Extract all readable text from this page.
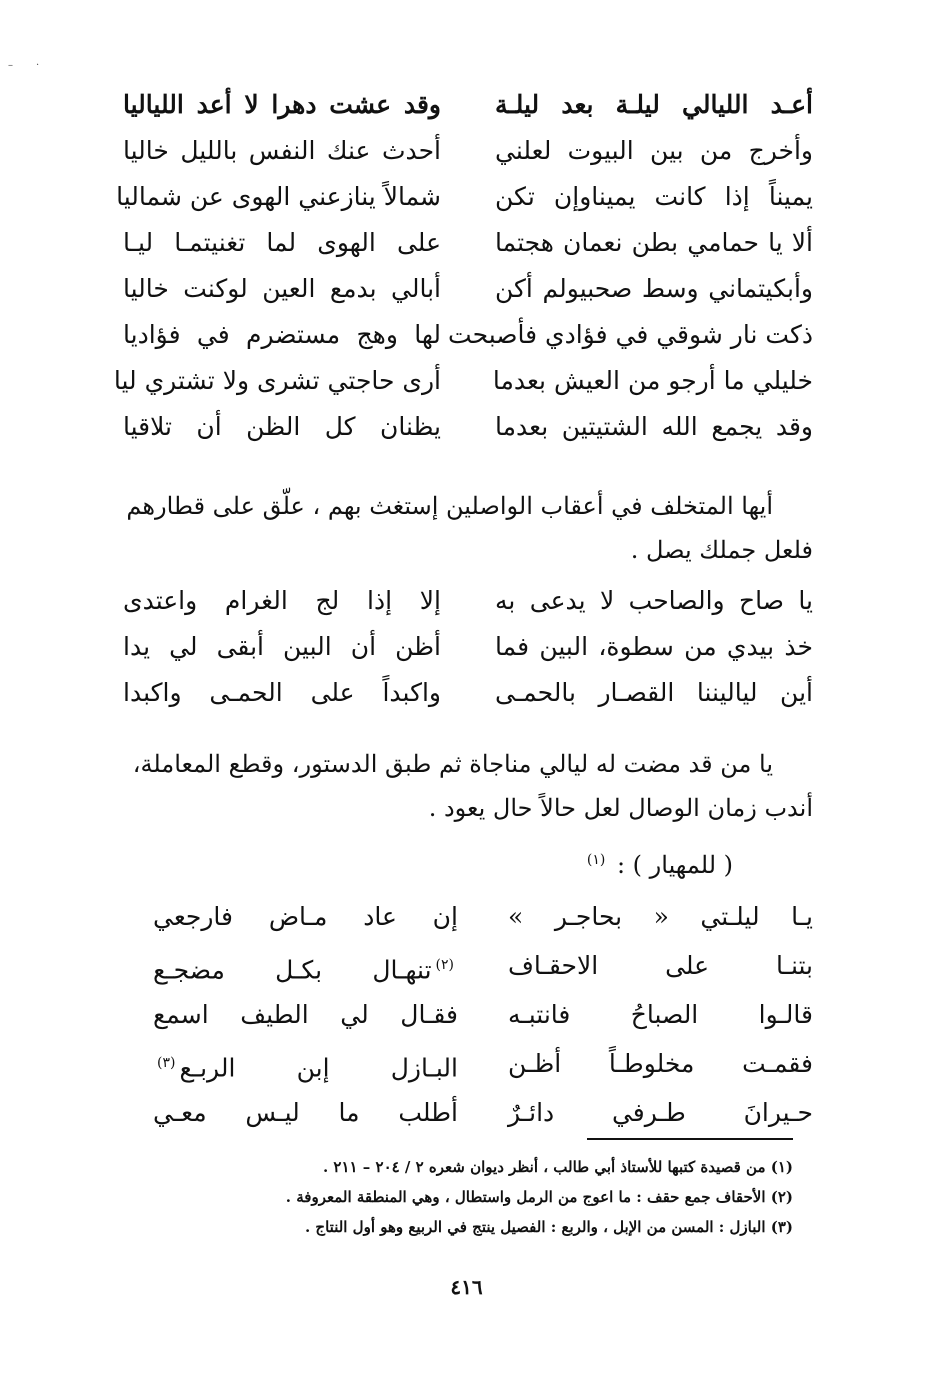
– ·
أعـد الليالي ليلـة بعد ليلـة
وقد عشت دهرا لا أعد اللياليا
وأخرج من بين البيوت لعلني
أحدث عنك النفس بالليل خاليا
يميناً إذا كانت يميناوإن تكن
شمالاً ينازعني الهوى عن شماليا
ألا يا حمامي بطن نعمان هجتما
على الهوى لما تغنيتمـا ليـا
وأبكيتماني وسط صحبيولم أكن
أبالي بدمع العين لوكنت خاليا
ذكت نار شوقي في فؤادي فأصبحت
لها وهج مستضرم في فؤاديا
خليلي ما أرجو من العيش بعدما
أرى حاجتي تشرى ولا تشتري ليا
وقد يجمع الله الشتيتين بعدما
يظنان كل الظن أن تلاقيا
أيها المتخلف في أعقاب الواصلين إستغث بهم ، علّق على قطارهم
فلعل جملك يصل .
يا صاح والصاحب لا يدعى به
إلا إذا لج الغرام واعتدى
خذ بيدي من سطوة، البين فما
أظن أن البين أبقى لي يدا
أين لياليننا القصـار بالحمـى
واكبداً على الحمـى واكبدا
يا من قد مضت له ليالي مناجاة ثم طبق الدستور، وقطع المعاملة،
أندب زمان الوصال لعل حالاً حال يعود .
( للمهيار ) : $^{(١)}$
يـا ليلـتي « بحاجـر »
إن عاد مـاض فارجعي
بتنـا على الاحقـاف
$^{(٢)}$تنهـال بكـل مضجـع
قالـوا الصباحُ فانتبـه
فقـال لي الطيف اسمع
فقمـت مخلوطـاً أظـن
البـازل إبن الربـع$^{(٣)}$
حـيرانَ طـرفي دائـرٌ
أطلب ما ليـس معـي
(١) من قصيدة كتبها للأستاذ أبي طالب ، أنظر ديوان شعره ٢ / ٢٠٤ – ٢١١ .
(٢) الأحقاف جمع حقف : ما اعوج من الرمل واستطال ، وهي المنطقة المعروفة .
(٣) البازل : المسن من الإبل ، والربع : الفصيل ينتج في الربيع وهو أول النتاج .
٤١٦
